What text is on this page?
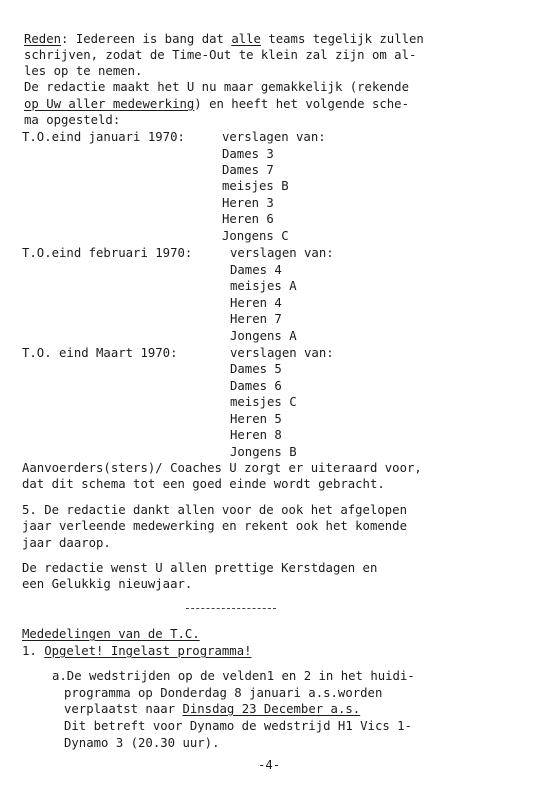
Reden: Iedereen is bang dat alle teams tegelijk zullen
schrijven, zodat de Time-Out te klein zal zijn om al-
les op te nemen.
De redactie maakt het U nu maar gemakkelijk (rekende
op Uw aller medewerking) en heeft het volgende sche-
ma opgesteld:
T.O.eind januari 1970:	verslagen van:
Dames 3
Dames 7
meisjes B
Heren 3
Heren 6
Jongens C
T.O.eind februari 1970:	verslagen van:
Dames 4
meisjes A
Heren 4
Heren 7
Jongens A
T.O. eind Maart 1970:	verslagen van:
Dames 5
Dames 6
meisjes C
Heren 5
Heren 8
Jongens B
Aanvoerders(sters)/ Coaches U zorgt er uiteraard voor,
dat dit schema tot een goed einde wordt gebracht.
5. De redactie dankt allen voor de ook het afgelopen
jaar verleende medewerking en rekent ook het komende
jaar daarop.
De redactie wenst U allen prettige Kerstdagen en
een Gelukkig nieuwjaar.
Mededelingen van de T.C.
1. Opgelet! Ingelast programma!
a.De wedstrijden op de velden1 en 2 in het huidi-
programma op Donderdag 8 januari a.s.worden
verplaatst naar Dinsdag 23 December a.s.
Dit betreft voor Dynamo de wedstrijd H1 Vics 1-
Dynamo 3 (20.30 uur).
-4-
